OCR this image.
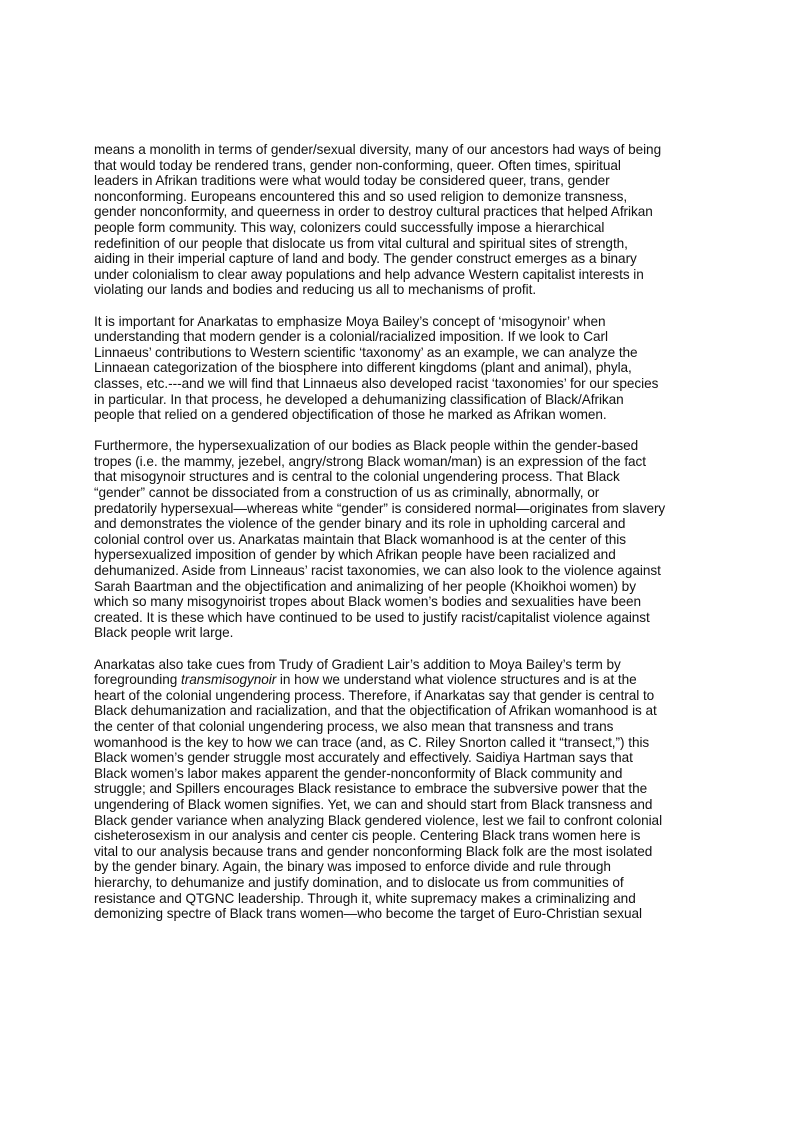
means a monolith in terms of gender/sexual diversity, many of our ancestors had ways of being
that would today be rendered trans, gender non-conforming, queer. Often times, spiritual
leaders in Afrikan traditions were what would today be considered queer, trans, gender
nonconforming. Europeans encountered this and so used religion to demonize transness,
gender nonconformity, and queerness in order to destroy cultural practices that helped Afrikan
people form community. This way, colonizers could successfully impose a hierarchical
redefinition of our people that dislocate us from vital cultural and spiritual sites of strength,
aiding in their imperial capture of land and body. The gender construct emerges as a binary
under colonialism to clear away populations and help advance Western capitalist interests in
violating our lands and bodies and reducing us all to mechanisms of profit.

It is important for Anarkatas to emphasize Moya Bailey’s concept of ‘misogynoir’ when
understanding that modern gender is a colonial/racialized imposition. If we look to Carl
Linnaeus’ contributions to Western scientific ‘taxonomy’ as an example, we can analyze the
Linnaean categorization of the biosphere into different kingdoms (plant and animal), phyla,
classes, etc.---and we will find that Linnaeus also developed racist ‘taxonomies’ for our species
in particular. In that process, he developed a dehumanizing classification of Black/Afrikan
people that relied on a gendered objectification of those he marked as Afrikan women.

Furthermore, the hypersexualization of our bodies as Black people within the gender-based
tropes (i.e. the mammy, jezebel, angry/strong Black woman/man) is an expression of the fact
that misogynoir structures and is central to the colonial ungendering process. That Black
“gender” cannot be dissociated from a construction of us as criminally, abnormally, or
predatorily hypersexual—whereas white “gender” is considered normal—originates from slavery
and demonstrates the violence of the gender binary and its role in upholding carceral and
colonial control over us. Anarkatas maintain that Black womanhood is at the center of this
hypersexualized imposition of gender by which Afrikan people have been racialized and
dehumanized. Aside from Linneaus’ racist taxonomies, we can also look to the violence against
Sarah Baartman and the objectification and animalizing of her people (Khoikhoi women) by
which so many misogynoirist tropes about Black women’s bodies and sexualities have been
created. It is these which have continued to be used to justify racist/capitalist violence against
Black people writ large.

Anarkatas also take cues from Trudy of Gradient Lair’s addition to Moya Bailey’s term by
foregrounding transmisogynoir in how we understand what violence structures and is at the
heart of the colonial ungendering process. Therefore, if Anarkatas say that gender is central to
Black dehumanization and racialization, and that the objectification of Afrikan womanhood is at
the center of that colonial ungendering process, we also mean that transness and trans
womanhood is the key to how we can trace (and, as C. Riley Snorton called it “transect,”) this
Black women’s gender struggle most accurately and effectively. Saidiya Hartman says that
Black women’s labor makes apparent the gender-nonconformity of Black community and
struggle; and Spillers encourages Black resistance to embrace the subversive power that the
ungendering of Black women signifies. Yet, we can and should start from Black transness and
Black gender variance when analyzing Black gendered violence, lest we fail to confront colonial
cisheterosexism in our analysis and center cis people. Centering Black trans women here is
vital to our analysis because trans and gender nonconforming Black folk are the most isolated
by the gender binary. Again, the binary was imposed to enforce divide and rule through
hierarchy, to dehumanize and justify domination, and to dislocate us from communities of
resistance and QTGNC leadership. Through it, white supremacy makes a criminalizing and
demonizing spectre of Black trans women—who become the target of Euro-Christian sexual
